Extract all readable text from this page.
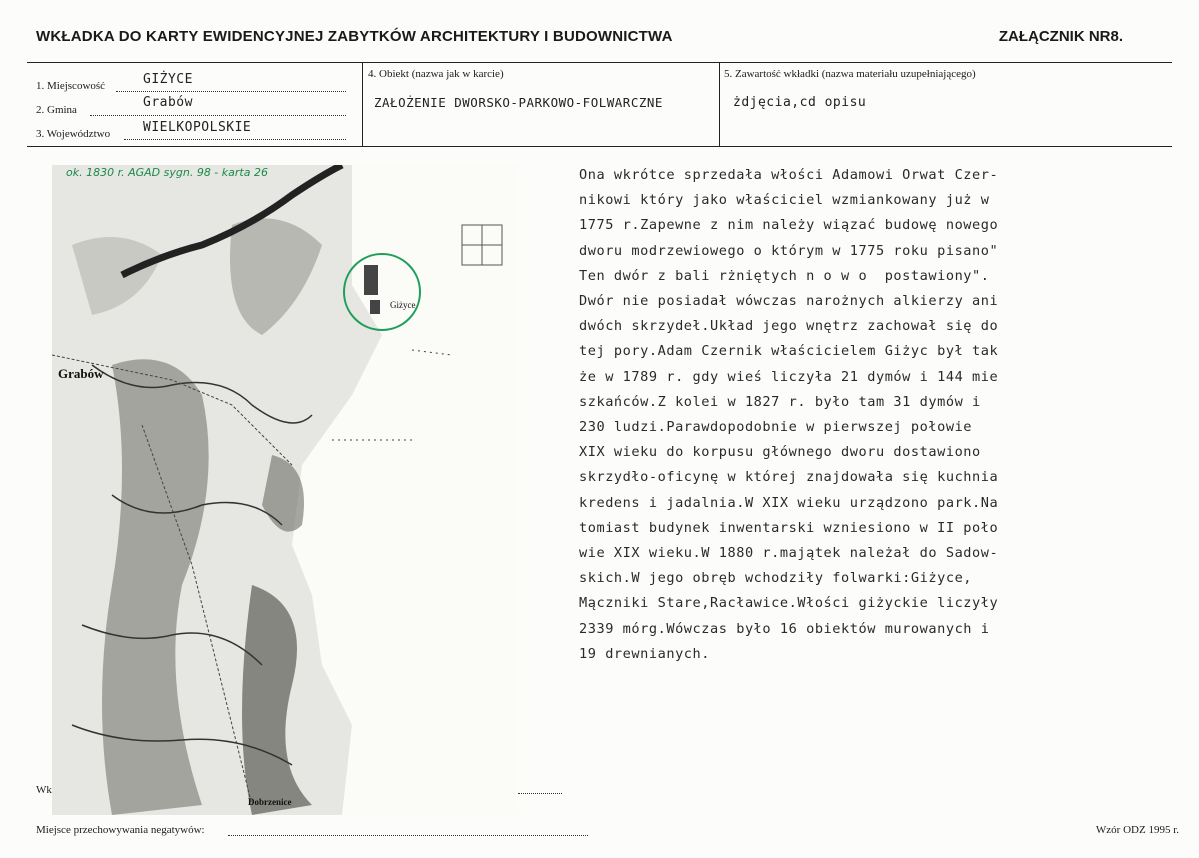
WKŁADKA DO KARTY EWIDENCYJNEJ ZABYTKÓW ARCHITEKTURY I BUDOWNICTWA	ZAŁĄCZNIK NR8.
1. Miejscowość	GIŻYCE
2. Gmina	Grabów
3. Województwo	WIELKOPOLSKIE
4. Obiekt (nazwa jak w karcie)
ZAŁOŻENIE DWORSKO-PARKOWO-FOLWARCZNE
5. Zawartość wkładki (nazwa materiału uzupełniającego)
żdjęcia,cd opisu
ok. 1830 r. AGAD sygn. 98 - karta 26
Grabów
Giżyce
Dobrzenice
Ona wkrótce sprzedała włości Adamowi Orwat Czer-
nikowi który jako właściciel wzmiankowany już w
1775 r.Zapewne z nim należy wiązać budowę nowego
dworu modrzewiowego o którym w 1775 roku pisano"
Ten dwór z bali rżniętych n o w o  postawiony".
Dwór nie posiadał wówczas narożnych alkierzy ani
dwóch skrzydeł.Układ jego wnętrz zachował się do
tej pory.Adam Czernik właścicielem Giżyc był tak
że w 1789 r. gdy wieś liczyła 21 dymów i 144 mie
szkańców.Z kolei w 1827 r. było tam 31 dymów i
230 ludzi.Parawdopodobnie w pierwszej połowie
XIX wieku do korpusu głównego dworu dostawiono
skrzydło-oficynę w której znajdowała się kuchnia
kredens i jadalnia.W XIX wieku urządzono park.Na
tomiast budynek inwentarski wzniesiono w II poło
wie XIX wieku.W 1880 r.majątek należał do Sadow-
skich.W jego obręb wchodziły folwarki:Giżyce,
Mączniki Stare,Racławice.Włości giżyckie liczyły
2339 mórg.Wówczas było 16 obiektów murowanych i
19 drewnianych.
Wk
Miejsce przechowywania negatywów:	Wzór ODZ 1995 r.
